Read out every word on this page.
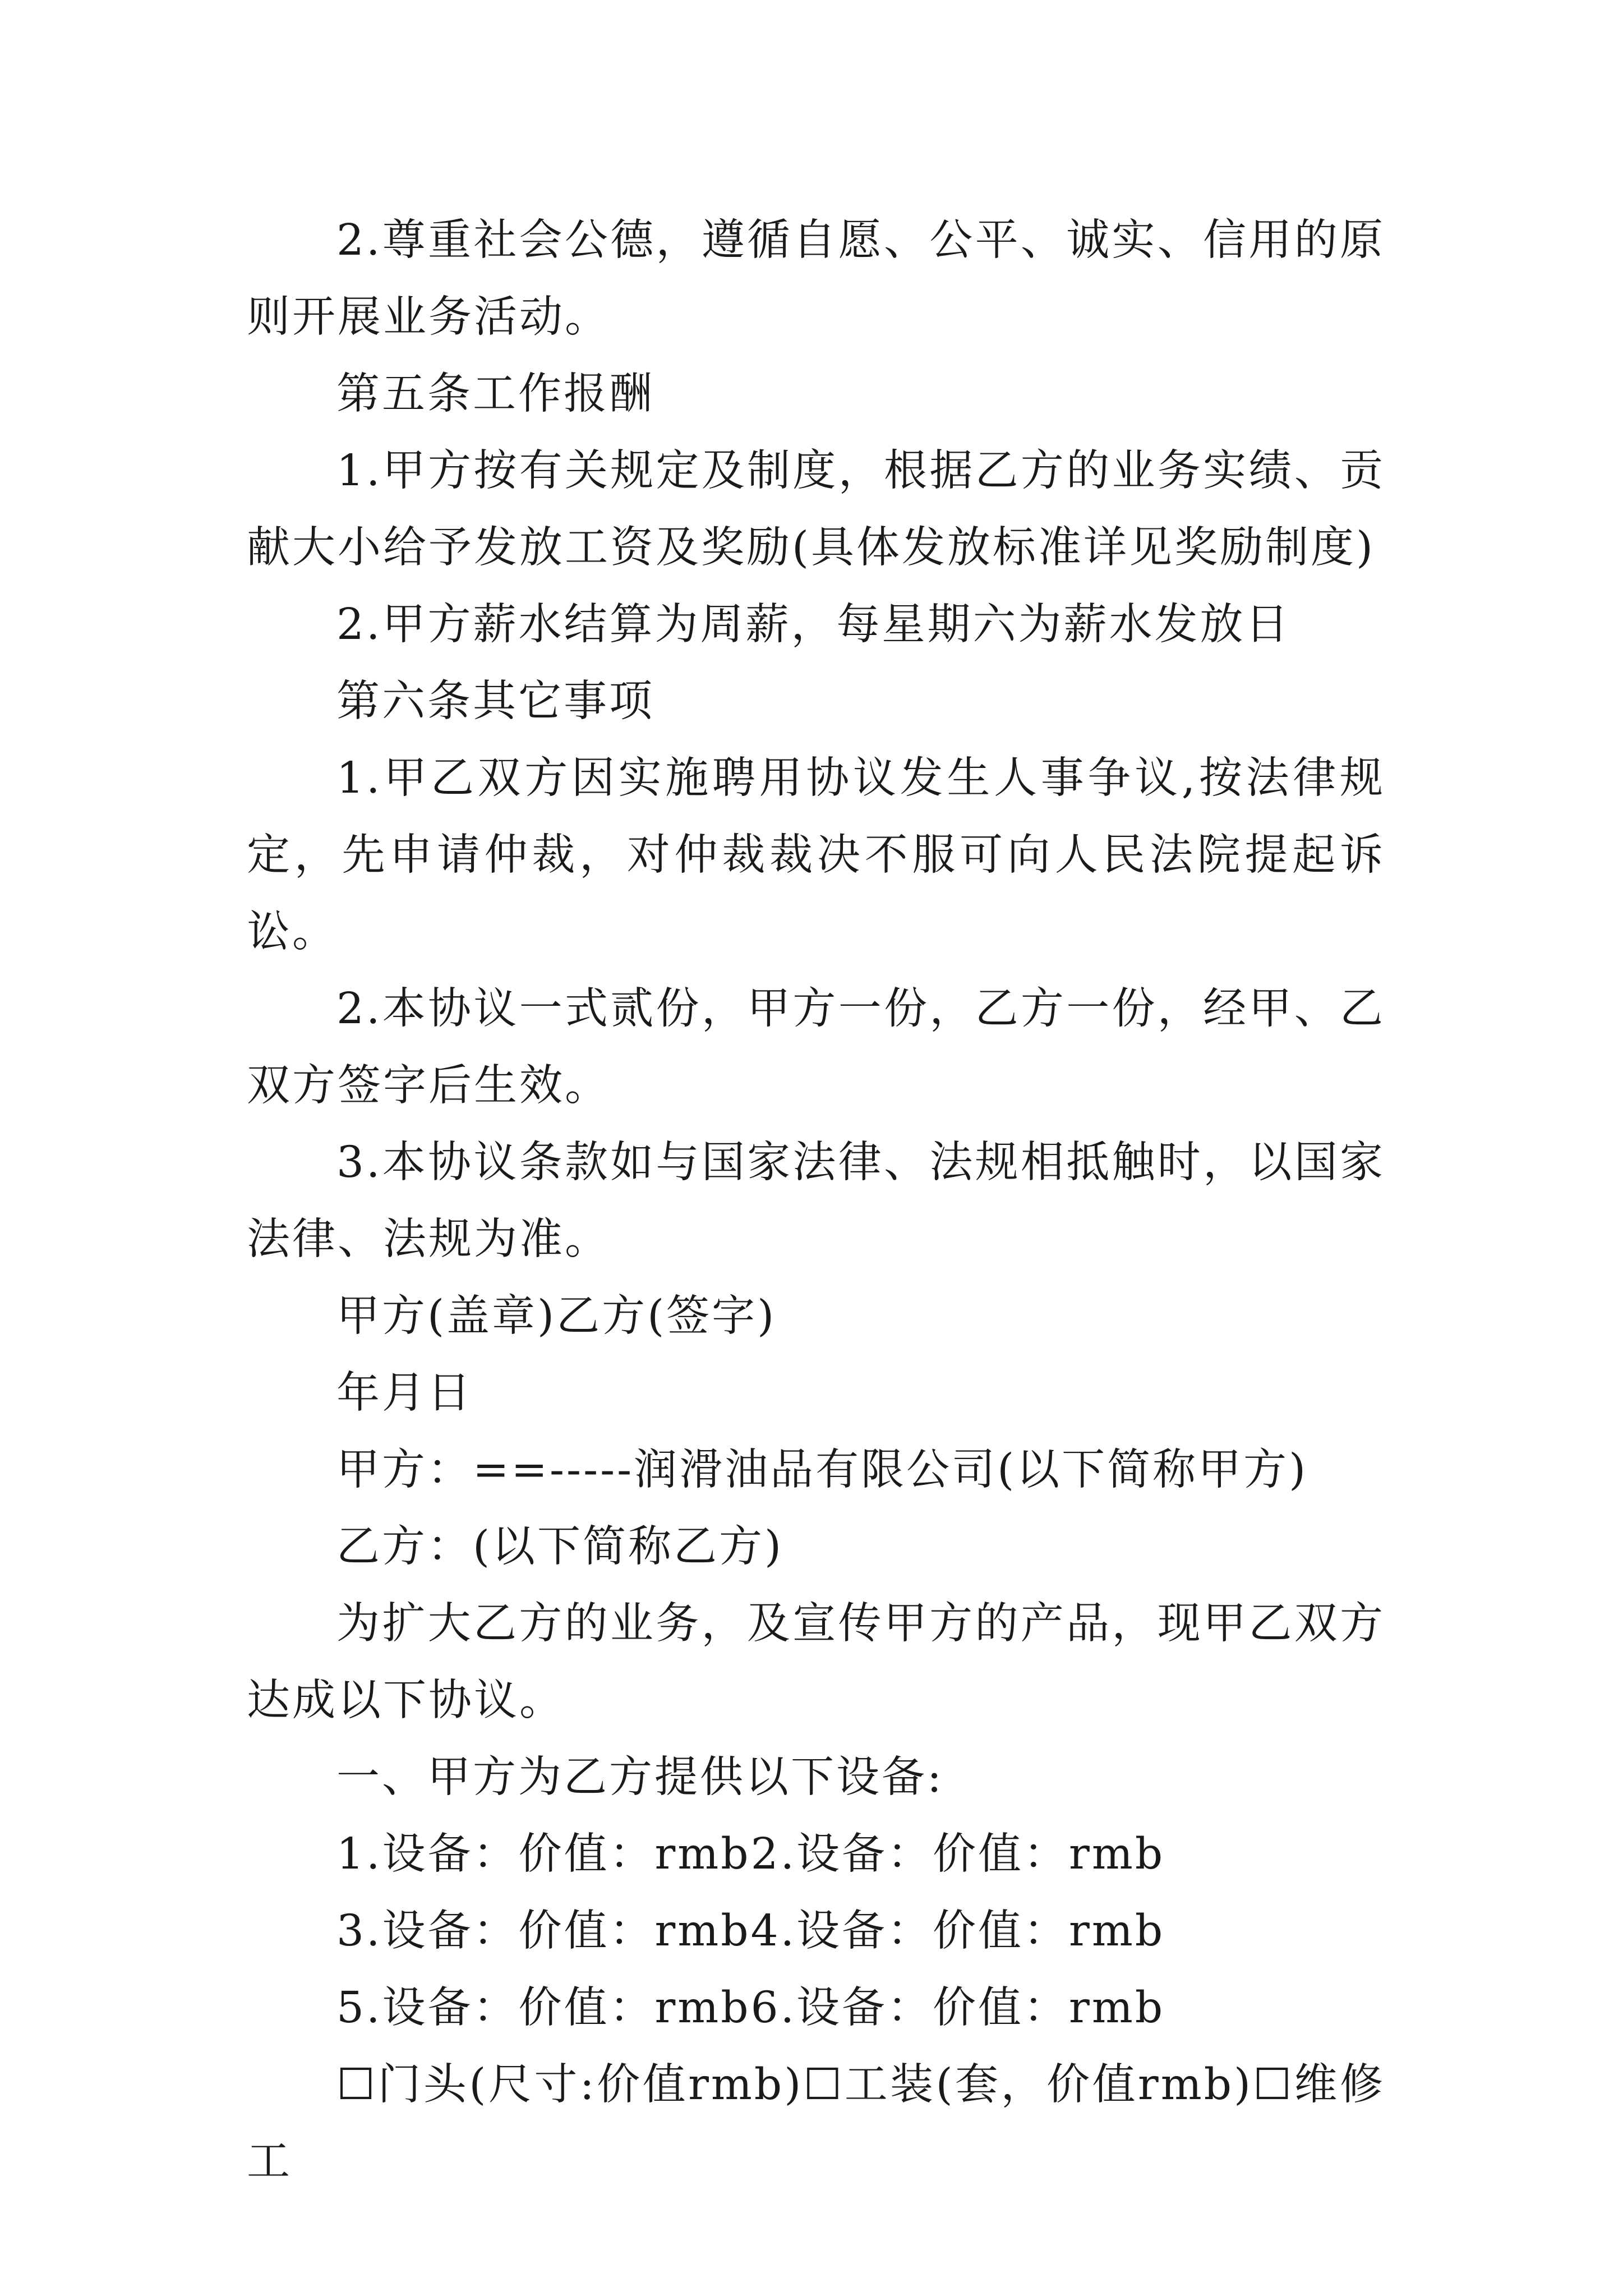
2.尊重社会公德，遵循自愿、公平、诚实、信用的原则开展业务活动。

第五条工作报酬

1.甲方按有关规定及制度，根据乙方的业务实绩、贡献大小给予发放工资及奖励(具体发放标准详见奖励制度)

2.甲方薪水结算为周薪，每星期六为薪水发放日

第六条其它事项

1.甲乙双方因实施聘用协议发生人事争议,按法律规定，先申请仲裁，对仲裁裁决不服可向人民法院提起诉讼。

2.本协议一式贰份，甲方一份，乙方一份，经甲、乙双方签字后生效。

3.本协议条款如与国家法律、法规相抵触时，以国家法律、法规为准。

甲方(盖章)乙方(签字)

年月日

甲方：==-----润滑油品有限公司(以下简称甲方)

乙方：(以下简称乙方)

为扩大乙方的业务，及宣传甲方的产品，现甲乙双方达成以下协议。

一、甲方为乙方提供以下设备:

1.设备：价值：rmb2.设备：价值：rmb

3.设备：价值：rmb4.设备：价值：rmb

5.设备：价值：rmb6.设备：价值：rmb

☐门头(尺寸:价值rmb)☐工装(套，价值rmb)☐维修工
